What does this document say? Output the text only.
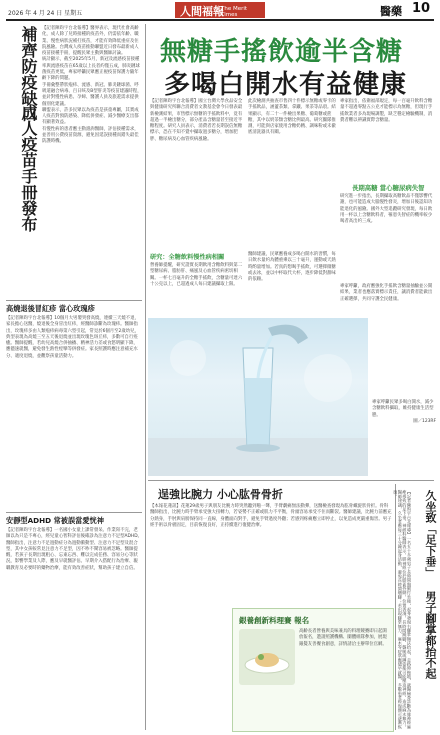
2026 年 4 月 24 日 星期五	人間福報
The Merit Times	醫藥 10
補齊防疫缺口
成人疫苗手冊發布

【記者陳昀宇台北報導】醫界表示，現代社會高齡化，成人除了兒時接種的疫苗外，仍需依年齡、職業、慢性病狀況補打疫苗，才能有效降低重症及住院風險。台灣成人疫苗推動聯盟近日發布最新成人疫苗接種手冊，提醒民眾主動與醫師討論。

統計顯示，截至2025年5月，新冠及流感疫苗接種率與流感疫苗在65歲以上長者約僅五成，肺炎鏈球菌疫苗更低，專家呼籲民眾應正視疫苗保護力隨年齡下降的問題。

手冊彙整帶狀疱疹、流感、新冠、肺炎鏈球菌、呼吸道融合病毒、百日咳及B型肝炎等疫苗建議時程，並針對慢性病患、孕婦、醫護人員及旅遊需求提供個別化建議。

聯盟表示，許多民眾以為疫苗是孩童專屬，其實成人疫苗對預防感染、降低併發症、減少醫療支出都有顯著效益。

有慢性病的患者應主動諮詢醫師，評估接種需求，並善用公費疫苗資源，避免因延誤接種而錯失最佳防護時機。

高燒退後冒紅疹 當心玫瑰疹
【記者陳昀宇台北報導】10個月大男嬰突發高燒，連續三天燒不退，家長擔心送醫，燒退後全身冒出紅疹，經醫師診斷為玫瑰疹。醫師指出，玫瑰疹多由人類疱疹病毒第六型引起，常見於6個月至2歲幼兒，典型表現為高燒三至五天後退燒並出現玫瑰色斑丘疹，多數可自行痊癒。醫師提醒，若幼兒高燒合併抽搐、精神活力差或食慾明顯下降，應儘速就醫，避免發生熱性痙攣等併發症。家長照護時應注意補充水分、適度退燒，並觀察孩童活動力。
安靜型ADHD 常被誤當愛恍神
【記者陳昀宇台北報導】一名國小女童上課常發呆、作業寫不完，老師以為只是不專心，經兒童心智科評估後確診為注意力不足型ADHD。醫師指出，注意力不足過動症分為過動衝動型、注意力不足型及混合型，其中女孩較常見注意力不足型，因不吵不鬧容易被忽略。醫師提醒，若孩子長期出現粗心、忘東忘西、難以完成任務、容易分心等狀況，影響學業及人際，應及早就醫評估。早期介入搭配行為治療、親職教育及必要時的藥物治療，能有效改善症狀，幫助孩子建立自信。
無糖手搖飲逾半含糖
多喝白開水有益健康
【記者陳昀宇台北報導】國立台灣大學食品安全與健康研究所聯合消費者文教基金會今日發表最新檢測結果，市售標示無糖的手搖飲料中，竟有超過一半檢出糖分，部分產品含糖量甚至接近半糖程度。研究人員表示，消費者若長期誤信無糖標示，恐在不知不覺中攝取過多糖分，增加肥胖、糖尿病及心血管疾病風險。
此次檢測共抽查市售四十件標示無糖或零卡的手搖飲品，涵蓋茶類、拿鐵、果茶等品項。結果顯示，有二十一件檢出果糖、葡萄糖或蔗糖，其中以奶茶類含糖比例最高。研究團隊推測，可能與店家使用含糖奶精、調味粉或未徹底清洗器具有關。
專家指出，依衛福部規定，每一百毫升飲料含糖量不超過零點五公克才能標示為無糖，但現行手搖飲業者多為現場調製，缺乏穩定檢驗機制，消費者難以辨識實際含糖量。
長期高糖 當心糖尿病失智
研究進一步指出，長期攝取高糖飲品不僅影響代謝，也可能造成大腦慢性發炎，增加日後認知功能退化的風險。國外大型追蹤研究發現，每日飲用一杯以上含糖飲料者，罹患失智症的機率較少喝者高出約三成。
研究：全糖飲料慢性病相關
營養師提醒，研究證實長期飲用含糖飲料與第二型糖尿病、脂肪肝、痛風及心血管疾病密切相關。一杯七百毫升的全糖手搖飲，含糖量可達六十公克以上，已超過成人每日建議攝取上限。
醫師建議，民眾應養成多喝白開水的習慣，每日飲水量約為體重乘以三十毫升，運動或天熱時酌量增加。若真的想喝手搖飲，可選擇微糖或去冰，並以中杯取代大杯，逐步降低對甜味的依賴。
專家呼籲，政府應強化手搖飲含糖量抽驗並公開結果，業者也應落實標示責任，讓消費者能做出正確選擇，共同守護全民健康。

專家呼籲民眾多喝白開水，減少含糖飲料攝取，維持健康生活型態。

圖／123RF

逞強比腕力 小心肱骨骨折
【本報花蓮訊】花蓮29歲男子與朋友比腕力時突然聽到啪一聲，手臂劇痛無法動彈，送醫檢查發現為肱骨螺旋狀骨折。骨科醫師指出，比腕力時手臂承受強大扭轉力，若姿勢不正確或肌力不平衡，骨頭容易承受不住而斷裂。醫師建議，比腕力前應充分熱身，手肘與肩膀保持同一直線，身體面向對手，避免手臂過度外翻；若感到疼痛應立即停止，以免造成更嚴重傷害。男子經手術以骨板固定，目前恢復良好，正持續進行復健治療。
銀養創新料理賽 報名
高齡長者營養與美味兼具的料理競賽即日起開放報名，邀請照護機構、團體組隊參加，展現銀髮友善餐食創意，詳情請洽主辦單位官網。	久坐致「足下垂」 男子腳掌都抬不起
【記者陳昀宇台北報導】一名五十多歲男子長時間盤腿打坐後，起身發現右腳掌無法抬起，走路時拖地，就醫檢查診斷為腓神經麻痺導致的足下垂。神經科醫師表示，腓神經位於膝蓋外側，位置表淺，長時間蹺腳、盤腿或蹲姿都可能壓迫神經，造成麻木無力。醫師建議，久坐者應每三十分鐘起身活動，避免長時間翹腳；若出現腳掌無力、麻木等症狀應儘早就醫，多數患者經復健可逐漸恢復。
